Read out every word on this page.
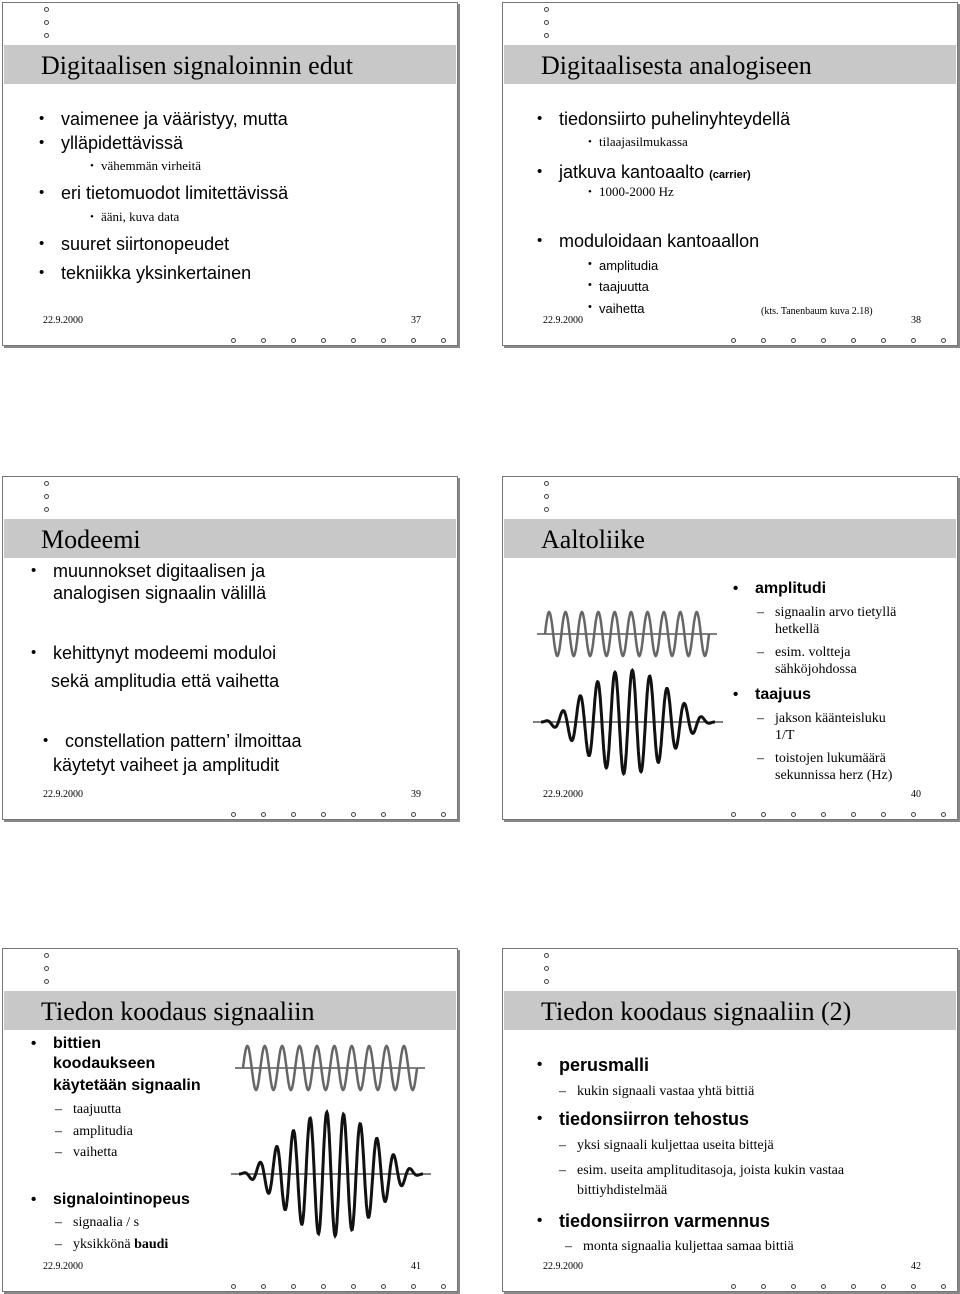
Digitaalisen signaloinnin edut
• vaimenee ja vääristyy, mutta
• ylläpidettävissä
• vähemmän virheitä
• eri tietomuodot limitettävissä
• ääni, kuva data
• suuret siirtonopeudet
• tekniikka yksinkertainen
22.9.2000	37
Digitaalisesta analogiseen
• tiedonsiirto puhelinyhteydellä
• tilaajasilmukassa
• jatkuva kantoaalto (carrier)
• 1000-2000 Hz
• moduloidaan kantoaallon
• amplitudia
• taajuutta
• vaihetta	(kts. Tanenbaum kuva 2.18)
22.9.2000	38
Modeemi
• muunnokset digitaalisen ja
analogisen signaalin välillä
• kehittynyt modeemi moduloi
sekä amplitudia että vaihetta
• constellation pattern’ ilmoittaa
käytetyt vaiheet ja amplitudit
22.9.2000	39
Aaltoliike
• amplitudi
– signaalin arvo tietyllä
hetkellä
– esim. voltteja
sähköjohdossa
• taajuus
– jakson käänteisluku
1/T
– toistojen lukumäärä
sekunnissa herz (Hz)
22.9.2000	40
Tiedon koodaus signaaliin
• bittien
koodaukseen
käytetään signaalin
– taajuutta
– amplitudia
– vaihetta
• signalointinopeus
– signaalia / s
– yksikkönä baudi
22.9.2000	41
Tiedon koodaus signaaliin (2)
• perusmalli
– kukin signaali vastaa yhtä bittiä
• tiedonsiirron tehostus
– yksi signaali kuljettaa useita bittejä
– esim. useita amplituditasoja, joista kukin vastaa
bittiyhdistelmää
• tiedonsiirron varmennus
– monta signaalia kuljettaa samaa bittiä
22.9.2000	42
